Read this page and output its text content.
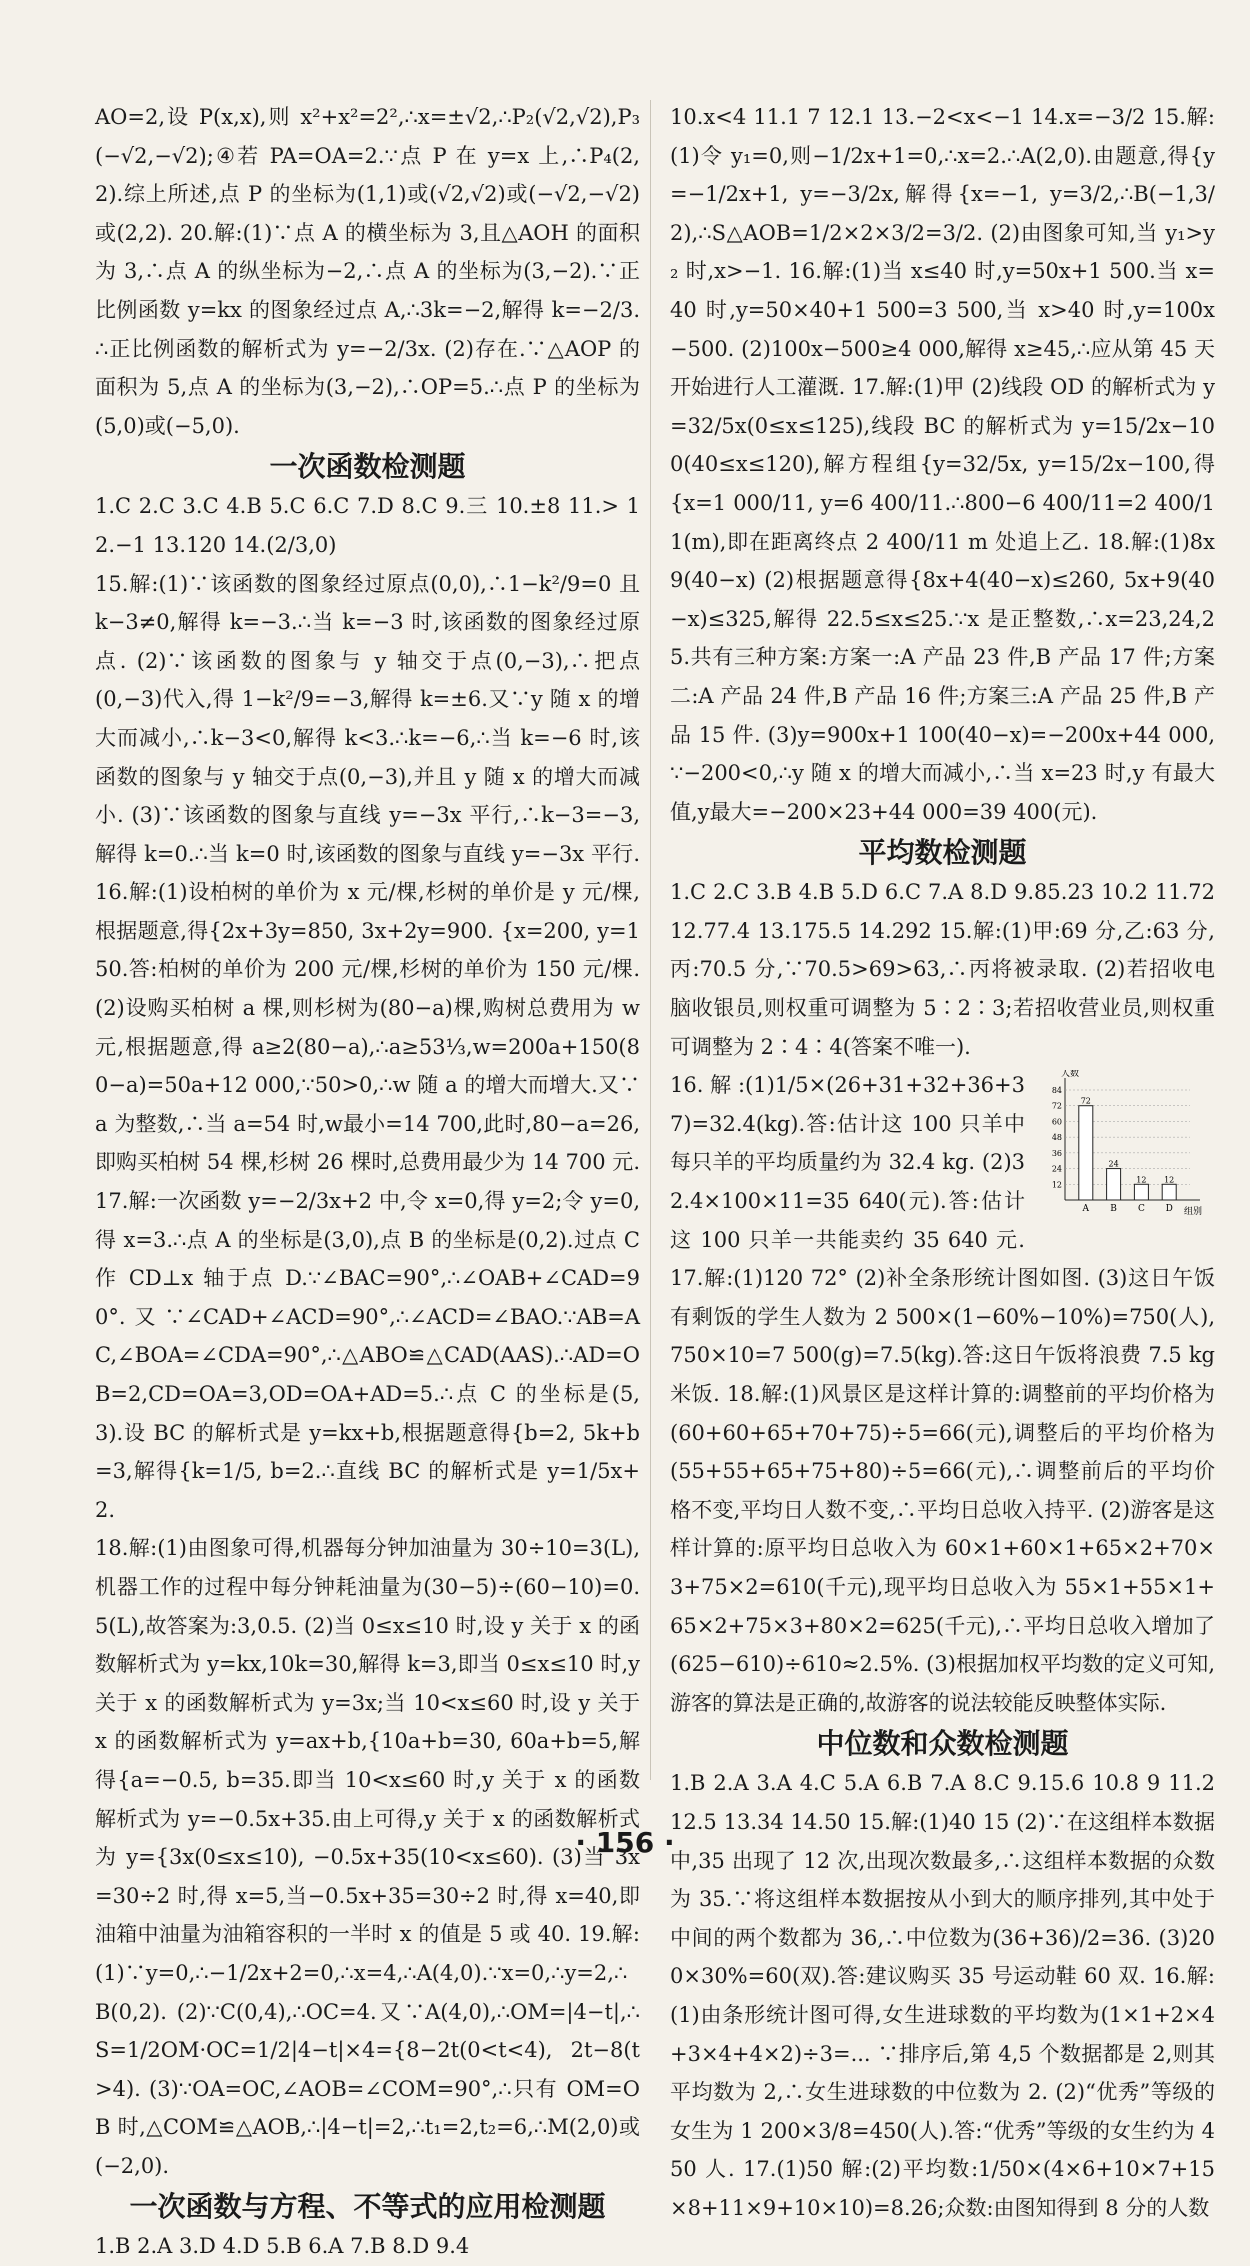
AO=2,设 P(x,x),则 x²+x²=2²,∴x=±√2,∴P₂(√2,√2),P₃(−√2,−√2);④若 PA=OA=2.∵点 P 在 y=x 上,∴P₄(2,2).综上所述,点 P 的坐标为(1,1)或(√2,√2)或(−√2,−√2)或(2,2). 20.解:(1)∵点 A 的横坐标为 3,且△AOH 的面积为 3,∴点 A 的纵坐标为−2,∴点 A 的坐标为(3,−2).∵正比例函数 y=kx 的图象经过点 A,∴3k=−2,解得 k=−2/3.∴正比例函数的解析式为 y=−2/3x. (2)存在.∵△AOP 的面积为 5,点 A 的坐标为(3,−2),∴OP=5.∴点 P 的坐标为(5,0)或(−5,0).

一次函数检测题

1.C 2.C 3.C 4.B 5.C 6.C 7.D 8.C 9.三 10.±8 11.> 12.−1 13.120 14.(2/3,0)

15.解:(1)∵该函数的图象经过原点(0,0),∴1−k²/9=0 且 k−3≠0,解得 k=−3.∴当 k=−3 时,该函数的图象经过原点. (2)∵该函数的图象与 y 轴交于点(0,−3),∴把点(0,−3)代入,得 1−k²/9=−3,解得 k=±6.又∵y 随 x 的增大而减小,∴k−3<0,解得 k<3.∴k=−6,∴当 k=−6 时,该函数的图象与 y 轴交于点(0,−3),并且 y 随 x 的增大而减小. (3)∵该函数的图象与直线 y=−3x 平行,∴k−3=−3,解得 k=0.∴当 k=0 时,该函数的图象与直线 y=−3x 平行. 16.解:(1)设柏树的单价为 x 元/棵,杉树的单价是 y 元/棵,根据题意,得{2x+3y=850, 3x+2y=900. {x=200, y=150.答:柏树的单价为 200 元/棵,杉树的单价为 150 元/棵. (2)设购买柏树 a 棵,则杉树为(80−a)棵,购树总费用为 w 元,根据题意,得 a≥2(80−a),∴a≥53⅓,w=200a+150(80−a)=50a+12 000,∵50>0,∴w 随 a 的增大而增大.又∵a 为整数,∴当 a=54 时,w最小=14 700,此时,80−a=26,即购买柏树 54 棵,杉树 26 棵时,总费用最少为 14 700 元. 17.解:一次函数 y=−2/3x+2 中,令 x=0,得 y=2;令 y=0,得 x=3.∴点 A 的坐标是(3,0),点 B 的坐标是(0,2).过点 C 作 CD⊥x 轴于点 D.∵∠BAC=90°,∴∠OAB+∠CAD=90°.又∵∠CAD+∠ACD=90°,∴∠ACD=∠BAO.∵AB=AC,∠BOA=∠CDA=90°,∴△ABO≌△CAD(AAS).∴AD=OB=2,CD=OA=3,OD=OA+AD=5.∴点 C 的坐标是(5,3).设 BC 的解析式是 y=kx+b,根据题意得{b=2, 5k+b=3,解得{k=1/5, b=2.∴直线 BC 的解析式是 y=1/5x+2.

18.解:(1)由图象可得,机器每分钟加油量为 30÷10=3(L),机器工作的过程中每分钟耗油量为(30−5)÷(60−10)=0.5(L),故答案为:3,0.5. (2)当 0≤x≤10 时,设 y 关于 x 的函数解析式为 y=kx,10k=30,解得 k=3,即当 0≤x≤10 时,y 关于 x 的函数解析式为 y=3x;当 10<x≤60 时,设 y 关于 x 的函数解析式为 y=ax+b,{10a+b=30, 60a+b=5,解得{a=−0.5, b=35.即当 10<x≤60 时,y 关于 x 的函数解析式为 y=−0.5x+35.由上可得,y 关于 x 的函数解析式为 y={3x(0≤x≤10), −0.5x+35(10<x≤60). (3)当 3x=30÷2 时,得 x=5,当−0.5x+35=30÷2 时,得 x=40,即油箱中油量为油箱容积的一半时 x 的值是 5 或 40. 19.解:(1)∵y=0,∴−1/2x+2=0,∴x=4,∴A(4,0).∵x=0,∴y=2,∴B(0,2). (2)∵C(0,4),∴OC=4.又∵A(4,0),∴OM=|4−t|,∴S=1/2OM·OC=1/2|4−t|×4={8−2t(0<t<4), 2t−8(t>4). (3)∵OA=OC,∠AOB=∠COM=90°,∴只有 OM=OB 时,△COM≌△AOB,∴|4−t|=2,∴t₁=2,t₂=6,∴M(2,0)或(−2,0).

一次函数与方程、不等式的应用检测题

1.B 2.A 3.D 4.D 5.B 6.A 7.B 8.D 9.4

10.x<4 11.1 7 12.1 13.−2<x<−1 14.x=−3/2 15.解:(1)令 y₁=0,则−1/2x+1=0,∴x=2.∴A(2,0).由题意,得{y=−1/2x+1, y=−3/2x,解得{x=−1, y=3/2,∴B(−1,3/2),∴S△AOB=1/2×2×3/2=3/2. (2)由图象可知,当 y₁>y₂ 时,x>−1. 16.解:(1)当 x≤40 时,y=50x+1 500.当 x=40 时,y=50×40+1 500=3 500,当 x>40 时,y=100x−500. (2)100x−500≥4 000,解得 x≥45,∴应从第 45 天开始进行人工灌溉. 17.解:(1)甲 (2)线段 OD 的解析式为 y=32/5x(0≤x≤125),线段 BC 的解析式为 y=15/2x−100(40≤x≤120),解方程组{y=32/5x, y=15/2x−100,得{x=1 000/11, y=6 400/11.∴800−6 400/11=2 400/11(m),即在距离终点 2 400/11 m 处追上乙. 18.解:(1)8x 9(40−x) (2)根据题意得{8x+4(40−x)≤260, 5x+9(40−x)≤325,解得 22.5≤x≤25.∵x 是正整数,∴x=23,24,25.共有三种方案:方案一:A 产品 23 件,B 产品 17 件;方案二:A 产品 24 件,B 产品 16 件;方案三:A 产品 25 件,B 产品 15 件. (3)y=900x+1 100(40−x)=−200x+44 000,∵−200<0,∴y 随 x 的增大而减小,∴当 x=23 时,y 有最大值,y最大=−200×23+44 000=39 400(元).

平均数检测题

1.C 2.C 3.B 4.B 5.D 6.C 7.A 8.D 9.85.23 10.2 11.72 12.77.4 13.175.5 14.292 15.解:(1)甲:69 分,乙:63 分,丙:70.5 分,∵70.5>69>63,∴丙将被录取. (2)若招收电脑收银员,则权重可调整为 5∶2∶3;若招收营业员,则权重可调整为 2∶4∶4(答案不唯一).

人数
组别
84
72
60
48
36
24
12
72
A
24
B
12
C
12
D

16.解:(1)1/5×(26+31+32+36+37)=32.4(kg).答:估计这 100 只羊中每只羊的平均质量约为 32.4 kg. (2)32.4×100×11=35 640(元).答:估计这 100 只羊一共能卖约 35 640 元. 17.解:(1)120 72° (2)补全条形统计图如图. (3)这日午饭有剩饭的学生人数为 2 500×(1−60%−10%)=750(人),750×10=7 500(g)=7.5(kg).答:这日午饭将浪费 7.5 kg 米饭. 18.解:(1)风景区是这样计算的:调整前的平均价格为(60+60+65+70+75)÷5=66(元),调整后的平均价格为(55+55+65+75+80)÷5=66(元),∴调整前后的平均价格不变,平均日人数不变,∴平均日总收入持平. (2)游客是这样计算的:原平均日总收入为 60×1+60×1+65×2+70×3+75×2=610(千元),现平均日总收入为 55×1+55×1+65×2+75×3+80×2=625(千元),∴平均日总收入增加了(625−610)÷610≈2.5%. (3)根据加权平均数的定义可知,游客的算法是正确的,故游客的说法较能反映整体实际.

中位数和众数检测题

1.B 2.A 3.A 4.C 5.A 6.B 7.A 8.C 9.15.6 10.8 9 11.2 12.5 13.34 14.50 15.解:(1)40 15 (2)∵在这组样本数据中,35 出现了 12 次,出现次数最多,∴这组样本数据的众数为 35.∵将这组样本数据按从小到大的顺序排列,其中处于中间的两个数都为 36,∴中位数为(36+36)/2=36. (3)200×30%=60(双).答:建议购买 35 号运动鞋 60 双. 16.解:(1)由条形统计图可得,女生进球数的平均数为(1×1+2×4+3×4+4×2)÷3=... ∵排序后,第 4,5 个数据都是 2,则其平均数为 2,∴女生进球数的中位数为 2. (2)“优秀”等级的女生为 1 200×3/8=450(人).答:“优秀”等级的女生约为 450 人. 17.(1)50 解:(2)平均数:1/50×(4×6+10×7+15×8+11×9+10×10)=8.26;众数:由图知得到 8 分的人数

· 156 ·
